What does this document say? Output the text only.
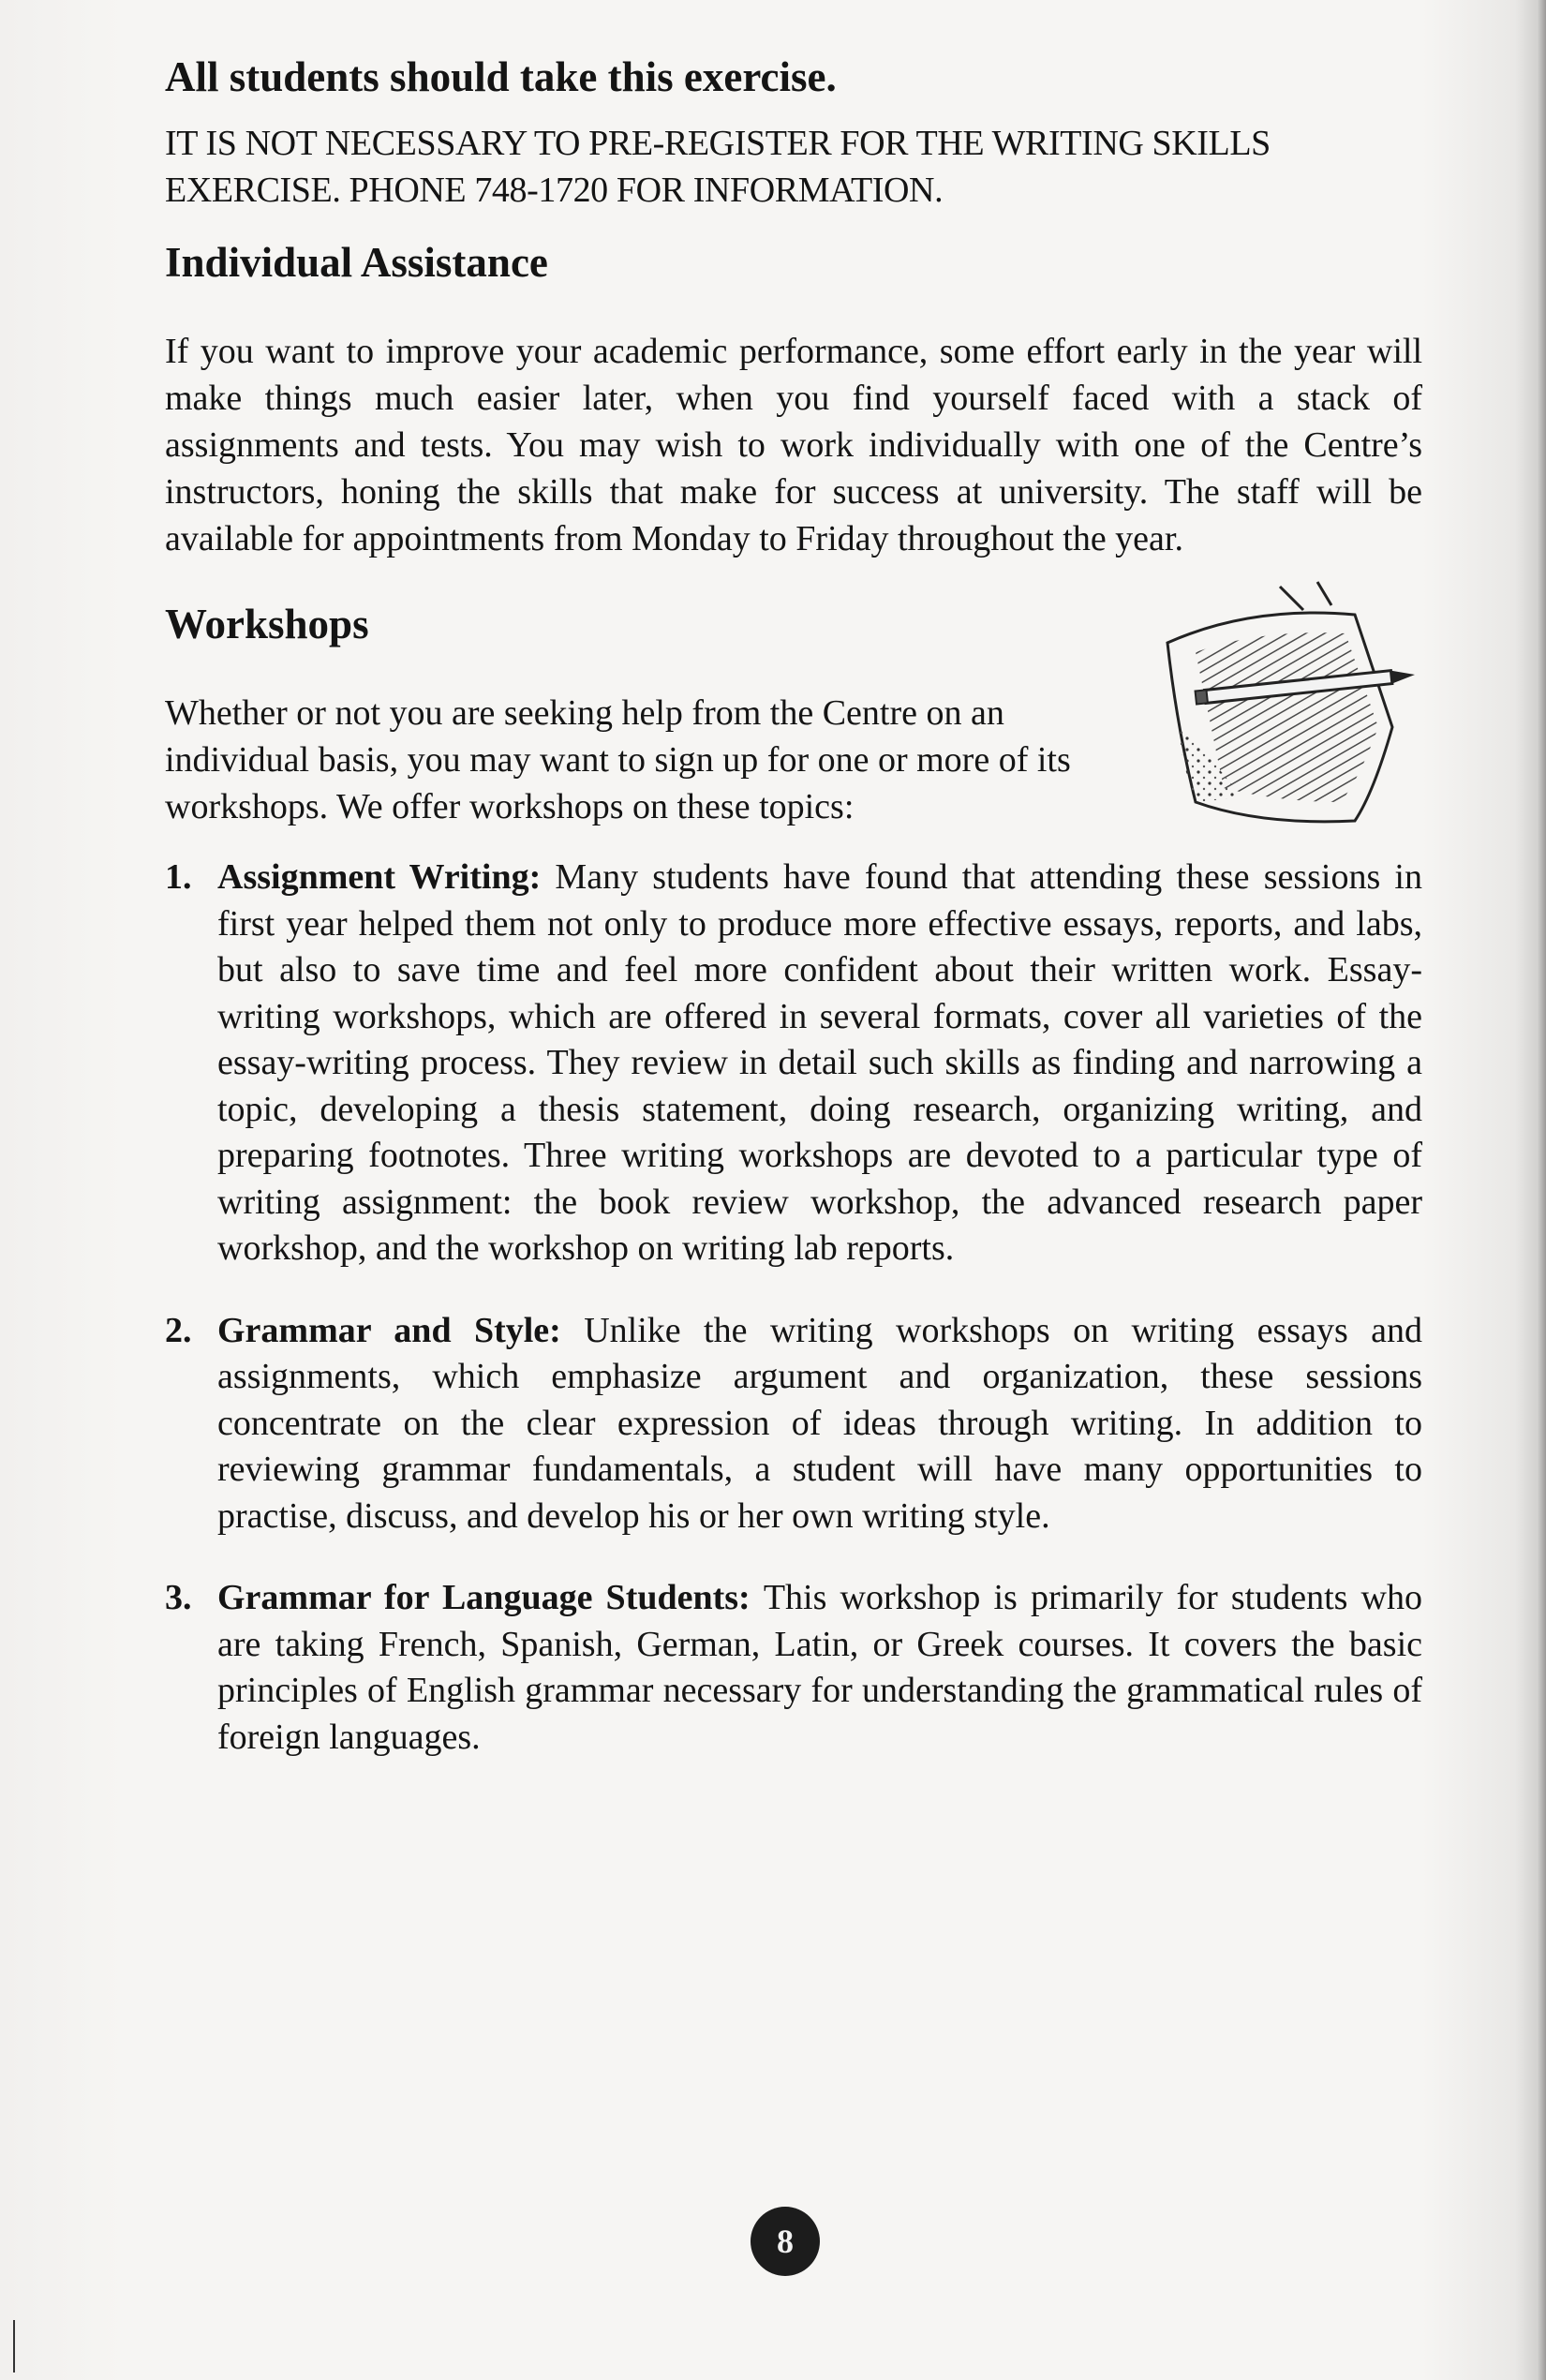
All students should take this exercise.

IT IS NOT NECESSARY TO PRE-REGISTER FOR THE WRITING SKILLS
EXERCISE. PHONE 748-1720 FOR INFORMATION.

Individual Assistance

If you want to improve your academic performance, some effort early in the year will make things much easier later, when you find yourself faced with a stack of assignments and tests. You may wish to work individually with one of the Centre’s instructors, honing the skills that make for success at university. The staff will be available for appointments from Monday to Friday throughout the year.

Workshops

Whether or not you are seeking help from the Centre on an individual basis, you may want to sign up for one or more of its workshops. We offer workshops on these topics:

1. Assignment Writing: Many students have found that attending these sessions in first year helped them not only to produce more effective essays, reports, and labs, but also to save time and feel more confident about their written work. Essay-writing workshops, which are offered in several formats, cover all varieties of the essay-writing process. They review in detail such skills as finding and narrowing a topic, developing a thesis statement, doing research, organizing writing, and preparing footnotes. Three writing workshops are devoted to a particular type of writing assignment: the book review workshop, the advanced research paper workshop, and the workshop on writing lab reports.
2. Grammar and Style: Unlike the writing workshops on writing essays and assignments, which emphasize argument and organization, these sessions concentrate on the clear expression of ideas through writing. In addition to reviewing grammar fundamentals, a student will have many opportunities to practise, discuss, and develop his or her own writing style.
3. Grammar for Language Students: This workshop is primarily for students who are taking French, Spanish, German, Latin, or Greek courses. It covers the basic principles of English grammar necessary for understanding the grammatical rules of foreign languages.
8
